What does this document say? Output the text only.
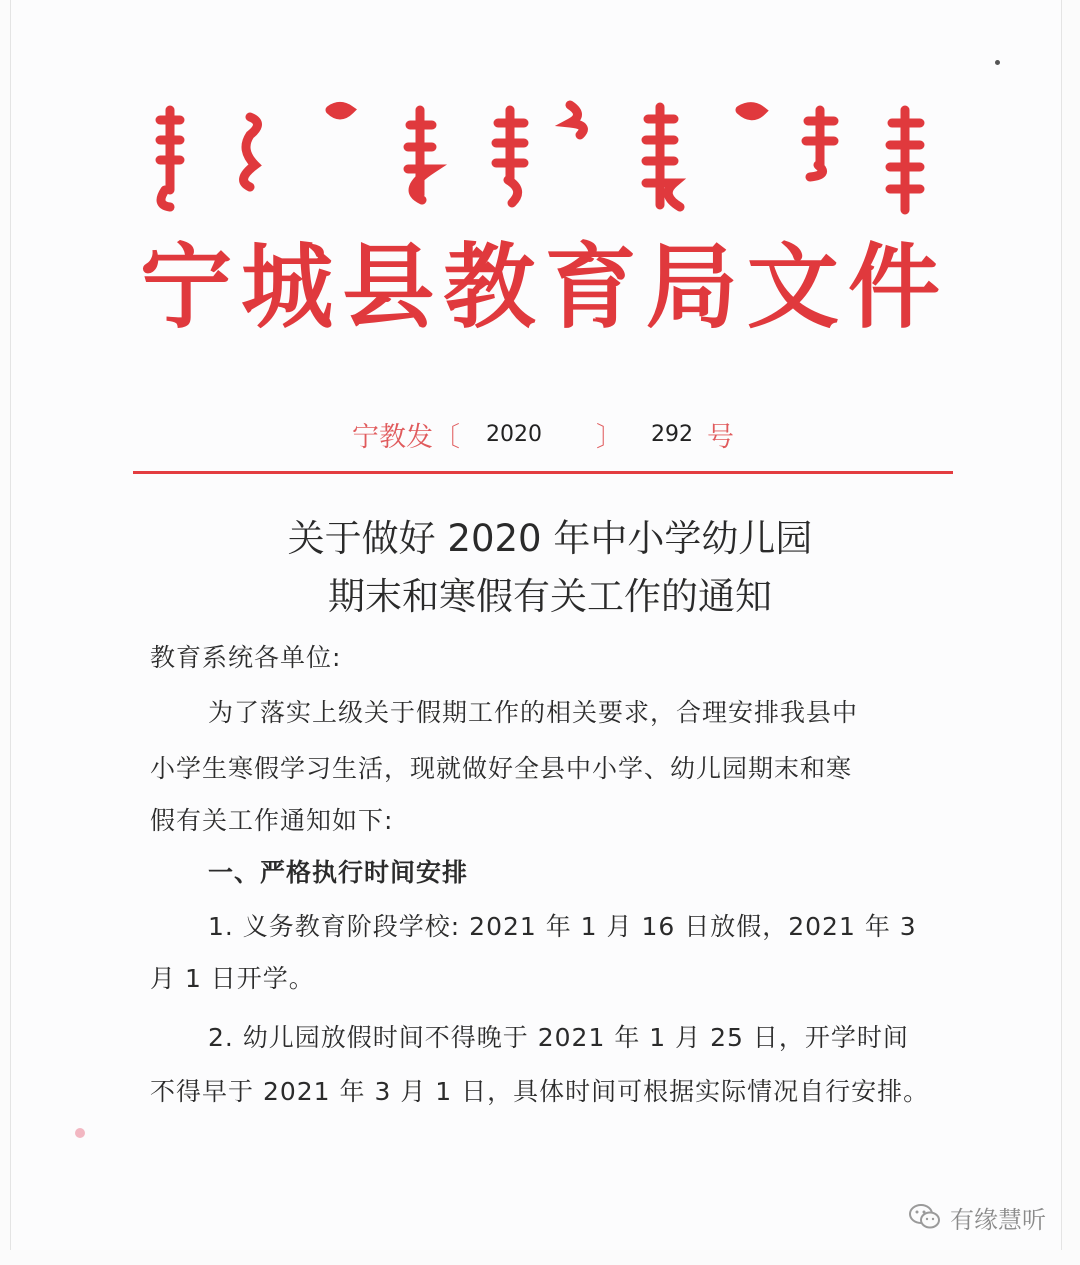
宁 城 县 教 育 局 文 件
宁教发〔 2020 〕 292 号
关于做好 2020 年中小学幼儿园
期末和寒假有关工作的通知
教育系统各单位:
为了落实上级关于假期工作的相关要求，合理安排我县中
小学生寒假学习生活，现就做好全县中小学、幼儿园期末和寒
假有关工作通知如下:
一、严格执行时间安排
1. 义务教育阶段学校: 2021 年 1 月 16 日放假，2021 年 3
月 1 日开学。
2. 幼儿园放假时间不得晚于 2021 年 1 月 25 日，开学时间
不得早于 2021 年 3 月 1 日，具体时间可根据实际情况自行安排。
有缘慧听
